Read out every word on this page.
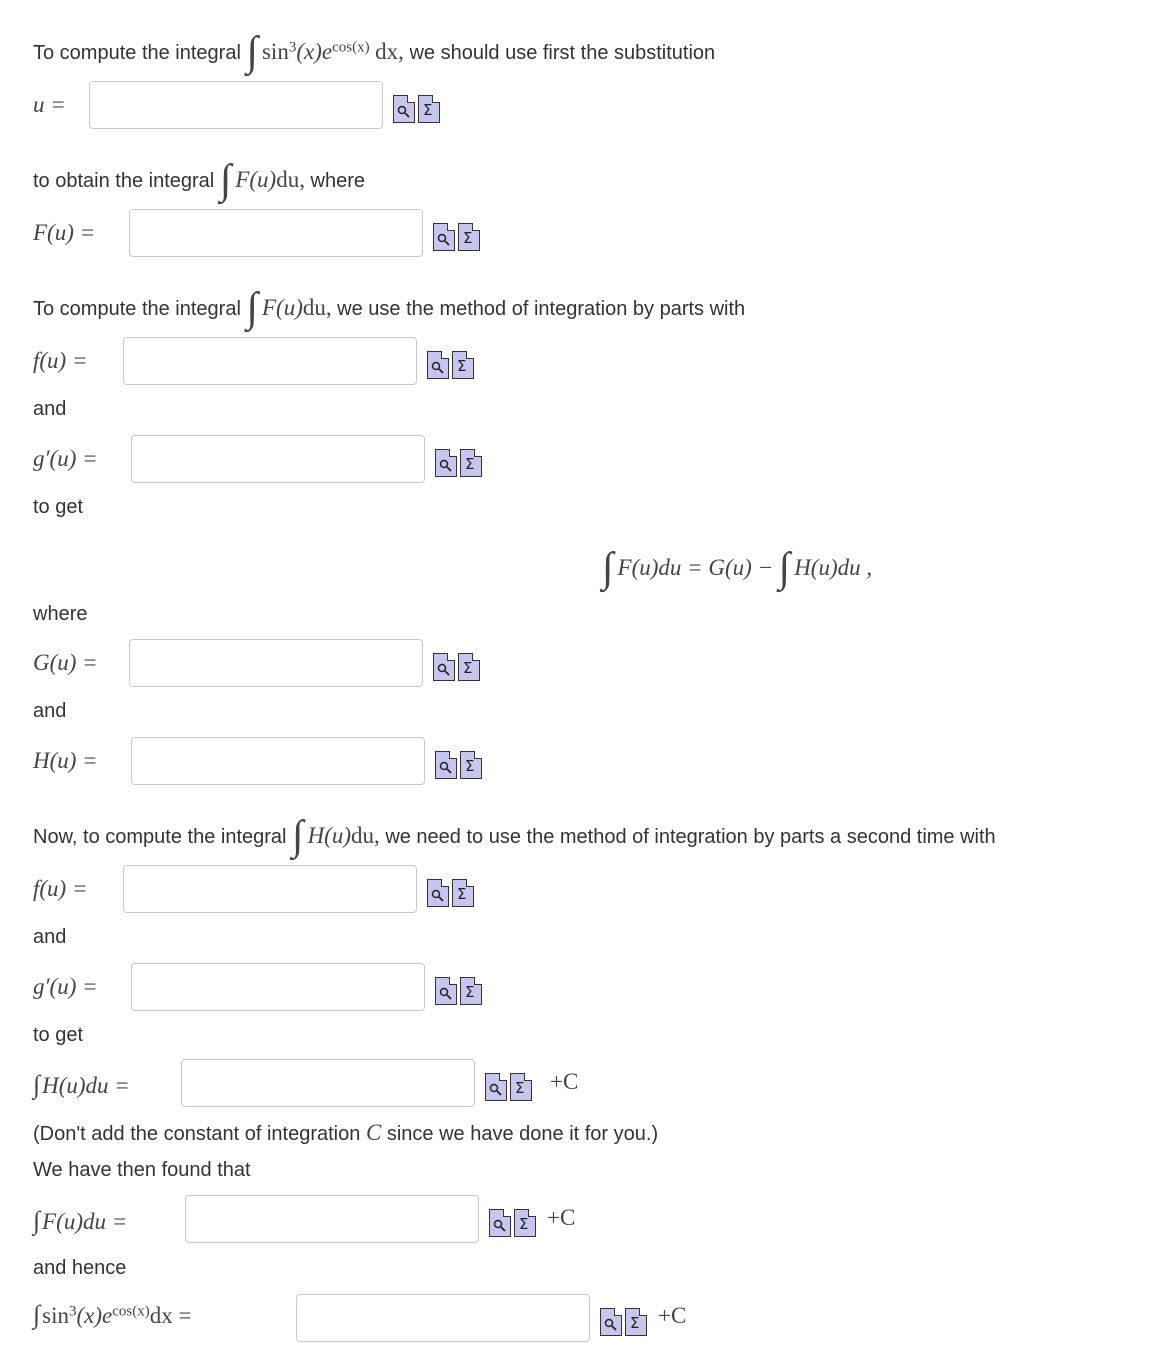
To compute the integral ∫ $\sin^3(x)e^{cos(x)}$ dx, we should use first the substitution
u =	Σ
to obtain the integral ∫ F(u)du, where
F(u) =	Σ
To compute the integral ∫ F(u)du, we use the method of integration by parts with
f(u) =	Σ
and
g′(u) =	Σ
to get
∫ F(u)du = G(u) − ∫ H(u)du ,
where
G(u) =	Σ
and
H(u) =	Σ
Now, to compute the integral ∫ H(u)du, we need to use the method of integration by parts a second time with
f(u) =	Σ
and
g′(u) =	Σ
to get
∫H(u)du =	Σ +C
(Don't add the constant of integration C since we have done it for you.)
We have then found that
∫F(u)du =	Σ +C
and hence
$\int\sin^3(x)e^{cos(x)}dx$ =	Σ +C
